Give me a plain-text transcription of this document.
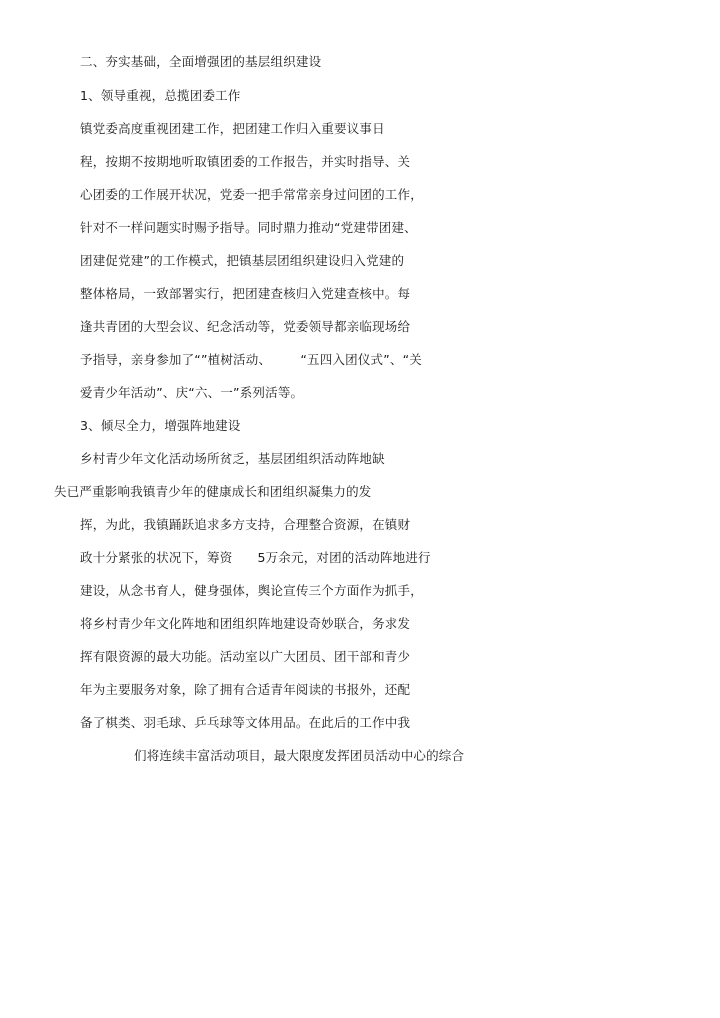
二、夯实基础，全面增强团的基层组织建设
1、领导重视，总揽团委工作
镇党委高度重视团建工作，把团建工作归入重要议事日
程，按期不按期地听取镇团委的工作报告，并实时指导、关
心团委的工作展开状况，党委一把手常常亲身过问团的工作，
针对不一样问题实时赐予指导。同时鼎力推动“党建带团建、
团建促党建”的工作模式，把镇基层团组织建设归入党建的
整体格局，一致部署实行，把团建查核归入党建查核中。每
逢共青团的大型会议、纪念活动等，党委领导都亲临现场给
予指导，亲身参加了“”植树活动、       “五四入团仪式”、“关
爱青少年活动”、庆“六、一”系列活等。
3、倾尽全力，增强阵地建设
乡村青少年文化活动场所贫乏，基层团组织活动阵地缺
失已严重影响我镇青少年的健康成长和团组织凝集力的发
挥，为此，我镇踊跃追求多方支持，合理整合资源，在镇财
政十分紧张的状况下，筹资      5万余元，对团的活动阵地进行
建设，从念书育人，健身强体，舆论宣传三个方面作为抓手，
将乡村青少年文化阵地和团组织阵地建设奇妙联合，务求发
挥有限资源的最大功能。活动室以广大团员、团干部和青少
年为主要服务对象，除了拥有合适青年阅读的书报外，还配
备了棋类、羽毛球、乒乓球等文体用品。在此后的工作中我
们将连续丰富活动项目，最大限度发挥团员活动中心的综合
